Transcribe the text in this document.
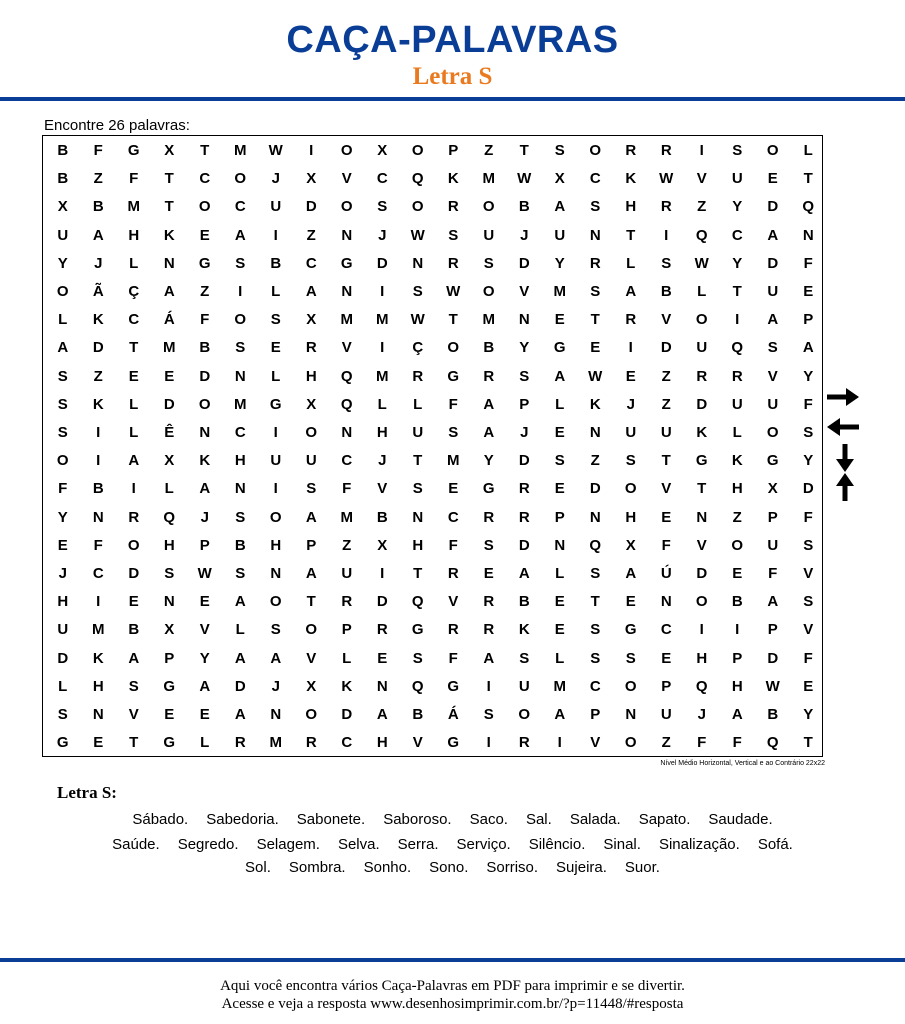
CAÇA-PALAVRAS
Letra S
Encontre 26 palavras:
B	F	G	X	T	M	W	I	O	X	O	P	Z	T	S	O	R	R	I	S	O	L
B	Z	F	T	C	O	J	X	V	C	Q	K	M	W	X	C	K	W	V	U	E	T
X	B	M	T	O	C	U	D	O	S	O	R	O	B	A	S	H	R	Z	Y	D	Q
U	A	H	K	E	A	I	Z	N	J	W	S	U	J	U	N	T	I	Q	C	A	N
Y	J	L	N	G	S	B	C	G	D	N	R	S	D	Y	R	L	S	W	Y	D	F
O	Ã	Ç	A	Z	I	L	A	N	I	S	W	O	V	M	S	A	B	L	T	U	E
L	K	C	Á	F	O	S	X	M	M	W	T	M	N	E	T	R	V	O	I	A	P
A	D	T	M	B	S	E	R	V	I	Ç	O	B	Y	G	E	I	D	U	Q	S	A
S	Z	E	E	D	N	L	H	Q	M	R	G	R	S	A	W	E	Z	R	R	V	Y
S	K	L	D	O	M	G	X	Q	L	L	F	A	P	L	K	J	Z	D	U	U	F
S	I	L	Ê	N	C	I	O	N	H	U	S	A	J	E	N	U	U	K	L	O	S
O	I	A	X	K	H	U	U	C	J	T	M	Y	D	S	Z	S	T	G	K	G	Y
F	B	I	L	A	N	I	S	F	V	S	E	G	R	E	D	O	V	T	H	X	D
Y	N	R	Q	J	S	O	A	M	B	N	C	R	R	P	N	H	E	N	Z	P	F
E	F	O	H	P	B	H	P	Z	X	H	F	S	D	N	Q	X	F	V	O	U	S
J	C	D	S	W	S	N	A	U	I	T	R	E	A	L	S	A	Ú	D	E	F	V
H	I	E	N	E	A	O	T	R	D	Q	V	R	B	E	T	E	N	O	B	A	S
U	M	B	X	V	L	S	O	P	R	G	R	R	K	E	S	G	C	I	I	P	V
D	K	A	P	Y	A	A	V	L	E	S	F	A	S	L	S	S	E	H	P	D	F
L	H	S	G	A	D	J	X	K	N	Q	G	I	U	M	C	O	P	Q	H	W	E
S	N	V	E	E	A	N	O	D	A	B	Á	S	O	A	P	N	U	J	A	B	Y
G	E	T	G	L	R	M	R	C	H	V	G	I	R	I	V	O	Z	F	F	Q	T
Nível Médio Horizontal, Vertical e ao Contrário 22x22
Letra S:
Sábado. Sabedoria. Sabonete. Saboroso. Saco. Sal. Salada. Sapato. Saudade.
Saúde. Segredo. Selagem. Selva. Serra. Serviço. Silêncio. Sinal. Sinalização. Sofá.
Sol. Sombra. Sonho. Sono. Sorriso. Sujeira. Suor.
Aqui você encontra vários Caça-Palavras em PDF para imprimir e se divertir.
Acesse e veja a resposta www.desenhosimprimir.com.br/?p=11448/#resposta
